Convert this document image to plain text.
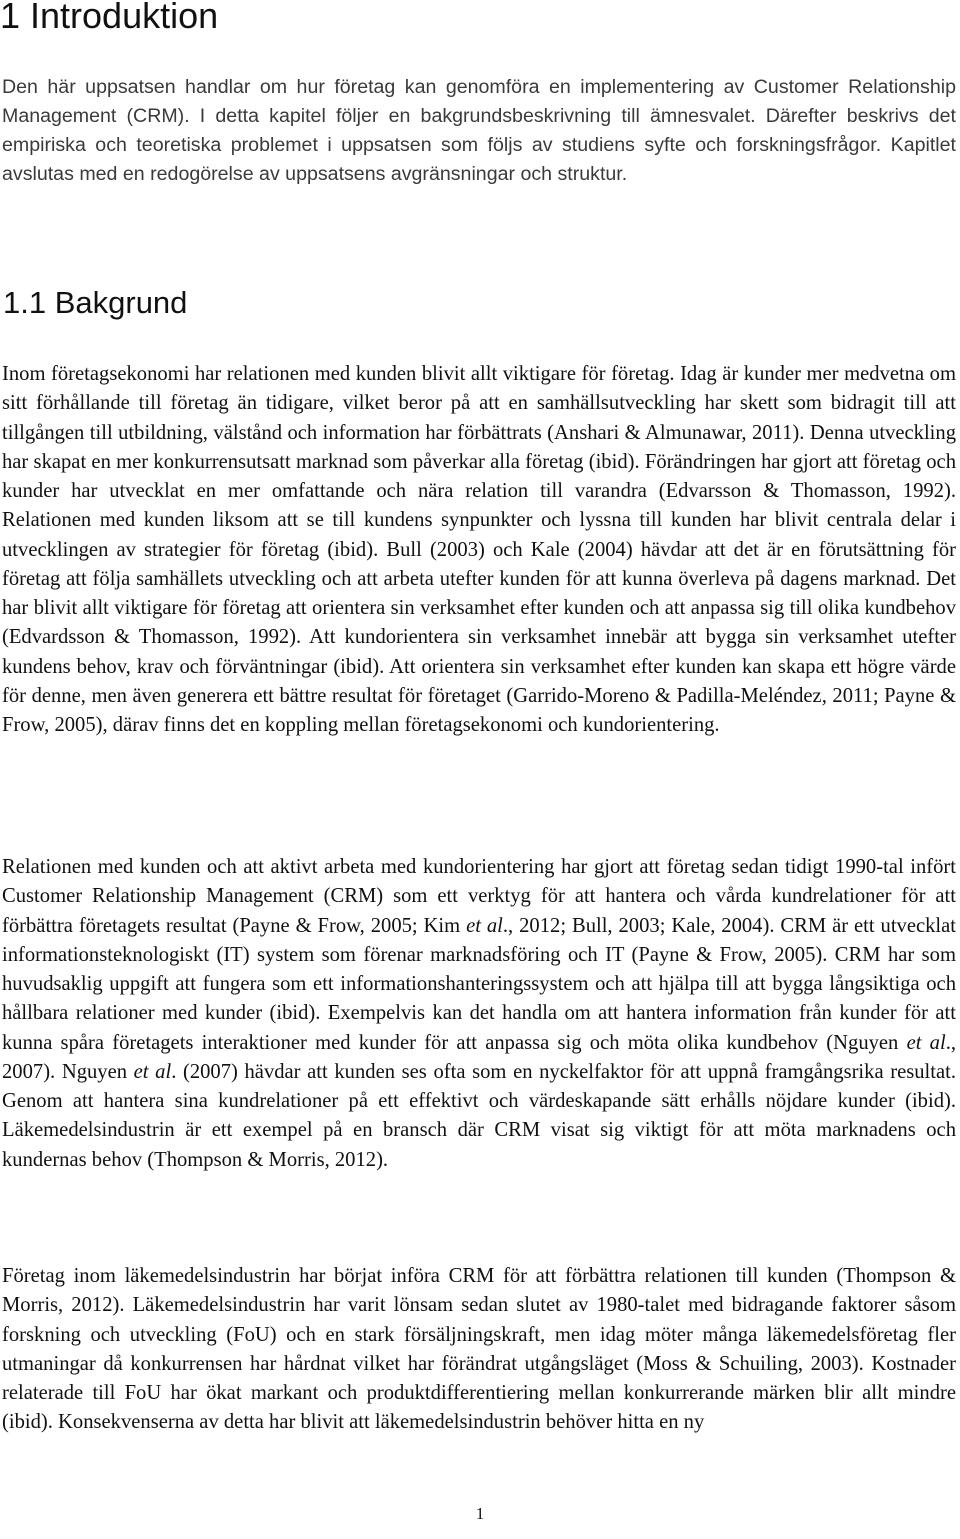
1 Introduktion

Den här uppsatsen handlar om hur företag kan genomföra en implementering av Customer Relationship Management (CRM). I detta kapitel följer en bakgrundsbeskrivning till ämnesvalet. Därefter beskrivs det empiriska och teoretiska problemet i uppsatsen som följs av studiens syfte och forskningsfrågor. Kapitlet avslutas med en redogörelse av uppsatsens avgränsningar och struktur.

1.1 Bakgrund

Inom företagsekonomi har relationen med kunden blivit allt viktigare för företag. Idag är kunder mer medvetna om sitt förhållande till företag än tidigare, vilket beror på att en samhällsutveckling har skett som bidragit till att tillgången till utbildning, välstånd och information har förbättrats (Anshari & Almunawar, 2011). Denna utveckling har skapat en mer konkurrensutsatt marknad som påverkar alla företag (ibid). Förändringen har gjort att företag och kunder har utvecklat en mer omfattande och nära relation till varandra (Edvarsson & Thomasson, 1992). Relationen med kunden liksom att se till kundens synpunkter och lyssna till kunden har blivit centrala delar i utvecklingen av strategier för företag (ibid). Bull (2003) och Kale (2004) hävdar att det är en förutsättning för företag att följa samhällets utveckling och att arbeta utefter kunden för att kunna överleva på dagens marknad. Det har blivit allt viktigare för företag att orientera sin verksamhet efter kunden och att anpassa sig till olika kundbehov (Edvardsson & Thomasson, 1992). Att kundorientera sin verksamhet innebär att bygga sin verksamhet utefter kundens behov, krav och förväntningar (ibid). Att orientera sin verksamhet efter kunden kan skapa ett högre värde för denne, men även generera ett bättre resultat för företaget (Garrido-Moreno & Padilla-Meléndez, 2011; Payne & Frow, 2005), därav finns det en koppling mellan företagsekonomi och kundorientering.

Relationen med kunden och att aktivt arbeta med kundorientering har gjort att företag sedan tidigt 1990-tal infört Customer Relationship Management (CRM) som ett verktyg för att hantera och vårda kundrelationer för att förbättra företagets resultat (Payne & Frow, 2005; Kim et al., 2012; Bull, 2003; Kale, 2004). CRM är ett utvecklat informationsteknologiskt (IT) system som förenar marknadsföring och IT (Payne & Frow, 2005). CRM har som huvudsaklig uppgift att fungera som ett informationshanteringssystem och att hjälpa till att bygga långsiktiga och hållbara relationer med kunder (ibid). Exempelvis kan det handla om att hantera information från kunder för att kunna spåra företagets interaktioner med kunder för att anpassa sig och möta olika kundbehov (Nguyen et al., 2007). Nguyen et al. (2007) hävdar att kunden ses ofta som en nyckelfaktor för att uppnå framgångsrika resultat. Genom att hantera sina kundrelationer på ett effektivt och värdeskapande sätt erhålls nöjdare kunder (ibid). Läkemedelsindustrin är ett exempel på en bransch där CRM visat sig viktigt för att möta marknadens och kundernas behov (Thompson & Morris, 2012).

Företag inom läkemedelsindustrin har börjat införa CRM för att förbättra relationen till kunden (Thompson & Morris, 2012). Läkemedelsindustrin har varit lönsam sedan slutet av 1980-talet med bidragande faktorer såsom forskning och utveckling (FoU) och en stark försäljningskraft, men idag möter många läkemedelsföretag fler utmaningar då konkurrensen har hårdnat vilket har förändrat utgångsläget (Moss & Schuiling, 2003). Kostnader relaterade till FoU har ökat markant och produktdifferentiering mellan konkurrerande märken blir allt mindre (ibid). Konsekvenserna av detta har blivit att läkemedelsindustrin behöver hitta en ny

1
